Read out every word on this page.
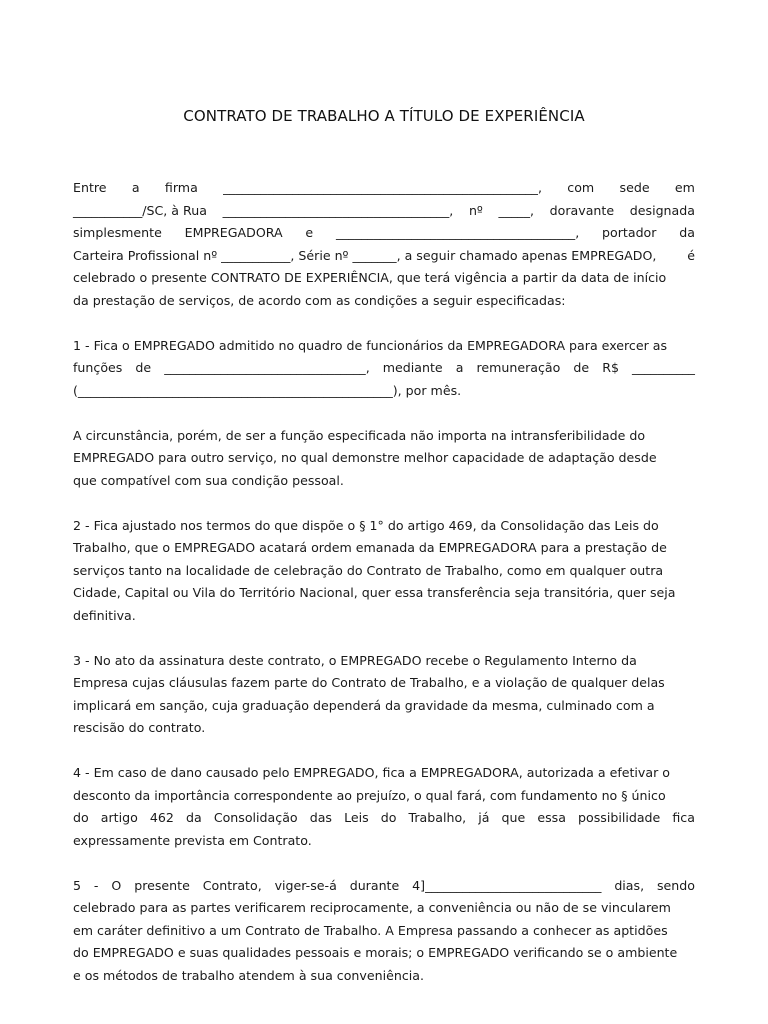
CONTRATO DE TRABALHO A TÍTULO DE EXPERIÊNCIA
Entre a firma __________________________________________________, com sede em
___________/SC, à Rua ____________________________________, nº _____, doravante designada
simplesmente EMPREGADORA e ______________________________________, portador da
Carteira Profissional nº ___________, Série nº _______, a seguir chamado apenas EMPREGADO, é
celebrado o presente CONTRATO DE EXPERIÊNCIA, que terá vigência a partir da data de início
da prestação de serviços, de acordo com as condições a seguir especificadas:
1 - Fica o EMPREGADO admitido no quadro de funcionários da EMPREGADORA para exercer as
funções de ________________________________, mediante a remuneração de R$ __________
(__________________________________________________), por mês.
A circunstância, porém, de ser a função especificada não importa na intransferibilidade do
EMPREGADO para outro serviço, no qual demonstre melhor capacidade de adaptação desde
que compatível com sua condição pessoal.
2 - Fica ajustado nos termos do que dispõe o § 1° do artigo 469, da Consolidação das Leis do
Trabalho, que o EMPREGADO acatará ordem emanada da EMPREGADORA para a prestação de
serviços tanto na localidade de celebração do Contrato de Trabalho, como em qualquer outra
Cidade, Capital ou Vila do Território Nacional, quer essa transferência seja transitória, quer seja
definitiva.
3 - No ato da assinatura deste contrato, o EMPREGADO recebe o Regulamento Interno da
Empresa cujas cláusulas fazem parte do Contrato de Trabalho, e a violação de qualquer delas
implicará em sanção, cuja graduação dependerá da gravidade da mesma, culminado com a
rescisão do contrato.
4 - Em caso de dano causado pelo EMPREGADO, fica a EMPREGADORA, autorizada a efetivar o
desconto da importância correspondente ao prejuízo, o qual fará, com fundamento no § único
do artigo 462 da Consolidação das Leis do Trabalho, já que essa possibilidade fica
expressamente prevista em Contrato.
5 - O presente Contrato, viger-se-á durante 4]____________________________ dias, sendo
celebrado para as partes verificarem reciprocamente, a conveniência ou não de se vincularem
em caráter definitivo a um Contrato de Trabalho. A Empresa passando a conhecer as aptidões
do EMPREGADO e suas qualidades pessoais e morais; o EMPREGADO verificando se o ambiente
e os métodos de trabalho atendem à sua conveniência.
